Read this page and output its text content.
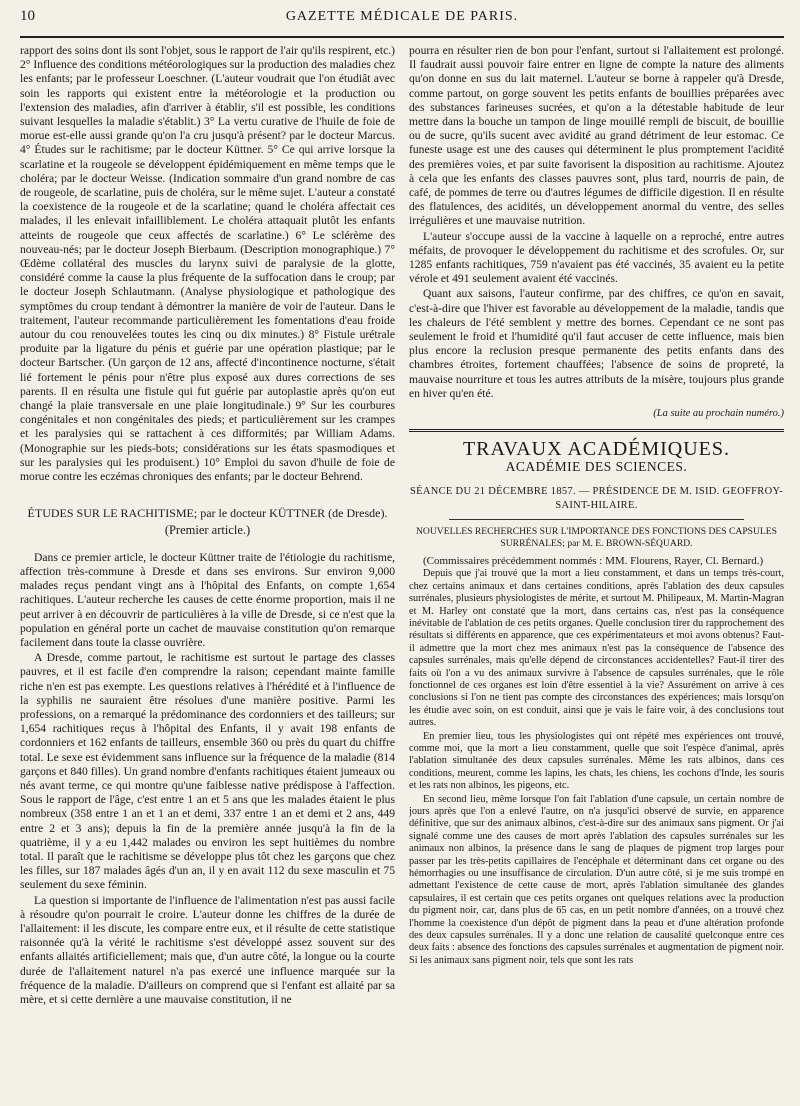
10	GAZETTE MÉDICALE DE PARIS.

rapport des soins dont ils sont l'objet, sous le rapport de l'air qu'ils respirent, etc.) 2° Influence des conditions météorologiques sur la production des maladies chez les enfants; par le professeur Loeschner. (L'auteur voudrait que l'on étudiât avec soin les rapports qui existent entre la météorologie et la production ou l'extension des maladies, afin d'arriver à établir, s'il est possible, les conditions suivant lesquelles la maladie s'établit.) 3° La vertu curative de l'huile de foie de morue est-elle aussi grande qu'on l'a cru jusqu'à présent? par le docteur Marcus. 4° Études sur le rachitisme; par le docteur Küttner. 5° Ce qui arrive lorsque la scarlatine et la rougeole se développent épidémiquement en même temps que le choléra; par le docteur Weisse. (Indication sommaire d'un grand nombre de cas de rougeole, de scarlatine, puis de choléra, sur le même sujet. L'auteur a constaté la coexistence de la rougeole et de la scarlatine; quand le choléra affectait ces malades, il les enlevait infailliblement. Le choléra attaquait plutôt les enfants atteints de rougeole que ceux affectés de scarlatine.) 6° Le sclérème des nouveau-nés; par le docteur Joseph Bierbaum. (Description monographique.) 7° Œdème collatéral des muscles du larynx suivi de paralysie de la glotte, considéré comme la cause la plus fréquente de la suffocation dans le croup; par le docteur Joseph Schlautmann. (Analyse physiologique et pathologique des symptômes du croup tendant à démontrer la manière de voir de l'auteur. Dans le traitement, l'auteur recommande particulièrement les fomentations d'eau froide autour du cou renouvelées toutes les cinq ou dix minutes.) 8° Fistule urétrale produite par la ligature du pénis et guérie par une opération plastique; par le docteur Bartscher. (Un garçon de 12 ans, affecté d'incontinence nocturne, s'était lié fortement le pénis pour n'être plus exposé aux dures corrections de ses parents. Il en résulta une fistule qui fut guérie par autoplastie après qu'on eut changé la plaie transversale en une plaie longitudinale.) 9° Sur les courbures congénitales et non congénitales des pieds; et particulièrement sur les crampes et les paralysies qui se rattachent à ces difformités; par William Adams. (Monographie sur les pieds-bots; considérations sur les états spasmodiques et sur les paralysies qui les produisent.) 10° Emploi du savon d'huile de foie de morue contre les eczémas chroniques des enfants; par le docteur Behrend.

ÉTUDES SUR LE RACHITISME; par le docteur KÜTTNER (de Dresde).
(Premier article.)

Dans ce premier article, le docteur Küttner traite de l'étiologie du rachitisme, affection très-commune à Dresde et dans ses environs. Sur environ 9,000 malades reçus pendant vingt ans à l'hôpital des Enfants, on compte 1,654 rachitiques. L'auteur recherche les causes de cette énorme proportion, mais il ne peut arriver à en découvrir de particulières à la ville de Dresde, si ce n'est que la population en général porte un cachet de mauvaise constitution qu'on remarque facilement dans toute la classe ouvrière.

A Dresde, comme partout, le rachitisme est surtout le partage des classes pauvres, et il est facile d'en comprendre la raison; cependant mainte famille riche n'en est pas exempte. Les questions relatives à l'hérédité et à l'influence de la syphilis ne sauraient être résolues d'une manière positive. Parmi les professions, on a remarqué la prédominance des cordonniers et des tailleurs; sur 1,654 rachitiques reçus à l'hôpital des Enfants, il y avait 198 enfants de cordonniers et 162 enfants de tailleurs, ensemble 360 ou près du quart du chiffre total. Le sexe est évidemment sans influence sur la fréquence de la maladie (814 garçons et 840 filles). Un grand nombre d'enfants rachitiques étaient jumeaux ou nés avant terme, ce qui montre qu'une faiblesse native prédispose à l'affection. Sous le rapport de l'âge, c'est entre 1 an et 5 ans que les malades étaient le plus nombreux (358 entre 1 an et 1 an et demi, 337 entre 1 an et demi et 2 ans, 449 entre 2 et 3 ans); depuis la fin de la première année jusqu'à la fin de la quatrième, il y a eu 1,442 malades ou environ les sept huitièmes du nombre total. Il paraît que le rachitisme se développe plus tôt chez les garçons que chez les filles, sur 187 malades âgés d'un an, il y en avait 112 du sexe masculin et 75 seulement du sexe féminin.

La question si importante de l'influence de l'alimentation n'est pas aussi facile à résoudre qu'on pourrait le croire. L'auteur donne les chiffres de la durée de l'allaitement: il les discute, les compare entre eux, et il résulte de cette statistique raisonnée qu'à la vérité le rachitisme s'est développé assez souvent sur des enfants allaités artificiellement; mais que, d'un autre côté, la longue ou la courte durée de l'allaitement naturel n'a pas exercé une influence marquée sur la fréquence de la maladie. D'ailleurs on comprend que si l'enfant est allaité par sa mère, et si cette dernière a une mauvaise constitution, il ne

pourra en résulter rien de bon pour l'enfant, surtout si l'allaitement est prolongé. Il faudrait aussi pouvoir faire entrer en ligne de compte la nature des aliments qu'on donne en sus du lait maternel. L'auteur se borne à rappeler qu'à Dresde, comme partout, on gorge souvent les petits enfants de bouillies préparées avec des substances farineuses sucrées, et qu'on a la détestable habitude de leur mettre dans la bouche un tampon de linge mouillé rempli de biscuit, de bouillie ou de sucre, qu'ils sucent avec avidité au grand détriment de leur estomac. Ce funeste usage est une des causes qui déterminent le plus promptement l'acidité des premières voies, et par suite favorisent la disposition au rachitisme. Ajoutez à cela que les enfants des classes pauvres sont, plus tard, nourris de pain, de café, de pommes de terre ou d'autres légumes de difficile digestion. Il en résulte des flatulences, des acidités, un développement anormal du ventre, des selles irrégulières et une mauvaise nutrition.

L'auteur s'occupe aussi de la vaccine à laquelle on a reproché, entre autres méfaits, de provoquer le développement du rachitisme et des scrofules. Or, sur 1285 enfants rachitiques, 759 n'avaient pas été vaccinés, 35 avaient eu la petite vérole et 491 seulement avaient été vaccinés.

Quant aux saisons, l'auteur confirme, par des chiffres, ce qu'on en savait, c'est-à-dire que l'hiver est favorable au développement de la maladie, tandis que les chaleurs de l'été semblent y mettre des bornes. Cependant ce ne sont pas seulement le froid et l'humidité qu'il faut accuser de cette influence, mais bien plus encore la reclusion presque permanente des petits enfants dans des chambres étroites, fortement chauffées; l'absence de soins de propreté, la mauvaise nourriture et tous les autres attributs de la misère, toujours plus grande en hiver qu'en été.

(La suite au prochain numéro.)
TRAVAUX ACADÉMIQUES.
ACADÉMIE DES SCIENCES.
SÉANCE DU 21 DÉCEMBRE 1857. — PRÉSIDENCE DE M. ISID. GEOFFROY-SAINT-HILAIRE.
NOUVELLES RECHERCHES SUR L'IMPORTANCE DES FONCTIONS DES CAPSULES SURRÉNALES; par M. E. BROWN-SÉQUARD.

(Commissaires précédemment nommés : MM. Flourens, Rayer, Cl. Bernard.)

Depuis que j'ai trouvé que la mort a lieu constamment, et dans un temps très-court, chez certains animaux et dans certaines conditions, après l'ablation des deux capsules surrénales, plusieurs physiologistes de mérite, et surtout M. Philipeaux, M. Martin-Magran et M. Harley ont constaté que la mort, dans certains cas, n'est pas la conséquence inévitable de l'ablation de ces petits organes. Quelle conclusion tirer du rapprochement des résultats si différents en apparence, que ces expérimentateurs et moi avons obtenus? Faut-il admettre que la mort chez mes animaux n'est pas la conséquence de l'absence des capsules surrénales, mais qu'elle dépend de circonstances accidentelles? Faut-il tirer des faits où l'on a vu des animaux survivre à l'absence de capsules surrénales, que le rôle fonctionnel de ces organes est loin d'être essentiel à la vie? Assurément on arrive à ces conclusions si l'on ne tient pas compte des circonstances des expériences; mais lorsqu'on les étudie avec soin, on est conduit, ainsi que je vais le faire voir, à des conclusions tout autres.

En premier lieu, tous les physiologistes qui ont répété mes expériences ont trouvé, comme moi, que la mort a lieu constamment, quelle que soit l'espèce d'animal, après l'ablation simultanée des deux capsules surrénales. Même les rats albinos, dans ces conditions, meurent, comme les lapins, les chats, les chiens, les cochons d'Inde, les souris et les rats non albinos, les pigeons, etc.

En second lieu, même lorsque l'on fait l'ablation d'une capsule, un certain nombre de jours après que l'on a enlevé l'autre, on n'a jusqu'ici observé de survie, en apparence définitive, que sur des animaux albinos, c'est-à-dire sur des animaux sans pigment. Or j'ai signalé comme une des causes de mort après l'ablation des capsules surrénales sur les animaux non albinos, la présence dans le sang de plaques de pigment trop larges pour passer par les très-petits capillaires de l'encéphale et déterminant dans cet organe ou des hémorrhagies ou une insuffisance de circulation. D'un autre côté, si je me suis trompé en admettant l'existence de cette cause de mort, après l'ablation simultanée des glandes capsulaires, il est certain que ces petits organes ont quelques relations avec la production du pigment noir, car, dans plus de 65 cas, en un petit nombre d'années, on a trouvé chez l'homme la coexistence d'un dépôt de pigment dans la peau et d'une altération profonde des deux capsules surrénales. Il y a donc une relation de causalité quelconque entre ces deux faits : absence des fonctions des capsules surrénales et augmentation de pigment noir. Si les animaux sans pigment noir, tels que sont les rats
